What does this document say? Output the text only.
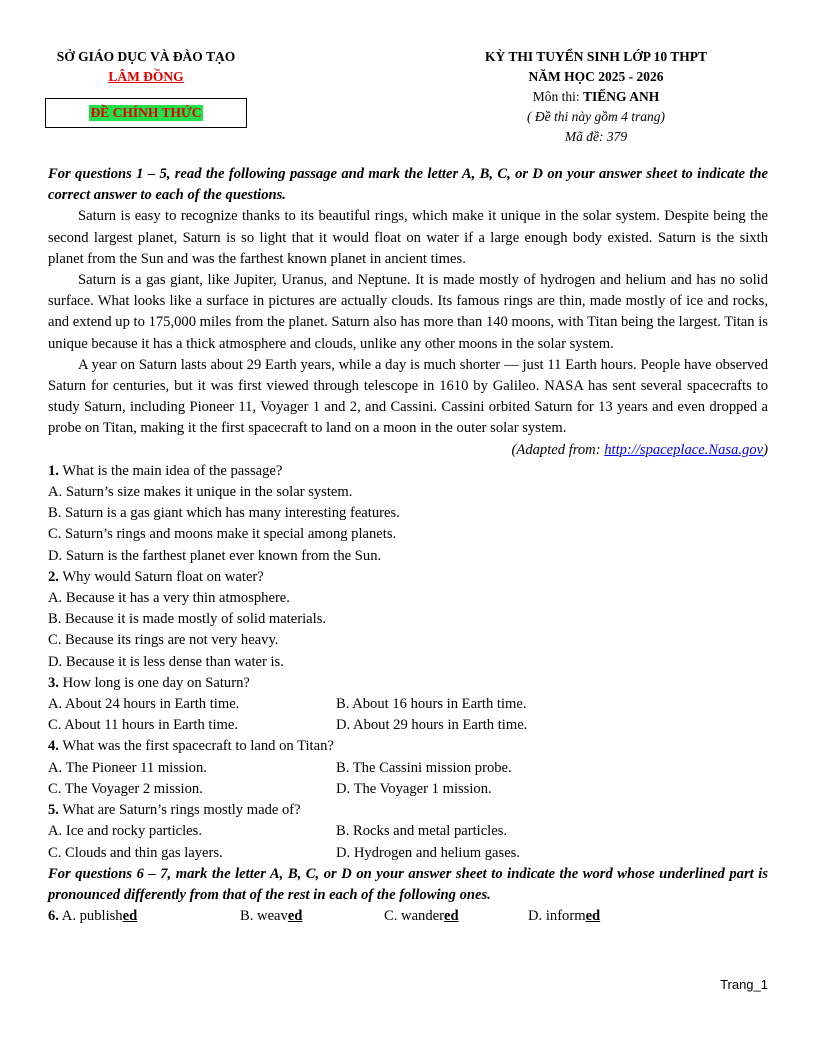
SỞ GIÁO DỤC VÀ ĐÀO TẠO
LÂM ĐỒNG
ĐỀ CHÍNH THỨC
KỲ THI TUYỂN SINH LỚP 10 THPT
NĂM HỌC 2025 - 2026
Môn thi: TIẾNG ANH
( Đề thi này gồm 4 trang)
Mã đề: 379
For questions 1 – 5, read the following passage and mark the letter A, B, C, or D on your answer sheet to indicate the correct answer to each of the questions.

Saturn is easy to recognize thanks to its beautiful rings, which make it unique in the solar system. Despite being the second largest planet, Saturn is so light that it would float on water if a large enough body existed. Saturn is the sixth planet from the Sun and was the farthest known planet in ancient times.

Saturn is a gas giant, like Jupiter, Uranus, and Neptune. It is made mostly of hydrogen and helium and has no solid surface. What looks like a surface in pictures are actually clouds. Its famous rings are thin, made mostly of ice and rocks, and extend up to 175,000 miles from the planet. Saturn also has more than 140 moons, with Titan being the largest. Titan is unique because it has a thick atmosphere and clouds, unlike any other moons in the solar system.

A year on Saturn lasts about 29 Earth years, while a day is much shorter — just 11 Earth hours. People have observed Saturn for centuries, but it was first viewed through telescope in 1610 by Galileo. NASA has sent several spacecrafts to study Saturn, including Pioneer 11, Voyager 1 and 2, and Cassini. Cassini orbited Saturn for 13 years and even dropped a probe on Titan, making it the first spacecraft to land on a moon in the outer solar system.

(Adapted from: http://spaceplace.Nasa.gov)
1. What is the main idea of the passage?
A. Saturn’s size makes it unique in the solar system.
B. Saturn is a gas giant which has many interesting features.
C. Saturn’s rings and moons make it special among planets.
D. Saturn is the farthest planet ever known from the Sun.
2. Why would Saturn float on water?
A. Because it has a very thin atmosphere.
B. Because it is made mostly of solid materials.
C. Because its rings are not very heavy.
D. Because it is less dense than water is.
3. How long is one day on Saturn?
A. About 24 hours in Earth time.	B. About 16 hours in Earth time.
C. About 11 hours in Earth time.	D. About 29 hours in Earth time.
4. What was the first spacecraft to land on Titan?
A. The Pioneer 11 mission.	B. The Cassini mission probe.
C. The Voyager 2 mission.	D. The Voyager 1 mission.
5. What are Saturn’s rings mostly made of?
A. Ice and rocky particles.	B. Rocks and metal particles.
C. Clouds and thin gas layers.	D. Hydrogen and helium gases.
For questions 6 – 7, mark the letter A, B, C, or D on your answer sheet to indicate the word whose underlined part is pronounced differently from that of the rest in each of the following ones.
6. A. published	B. weaved	C. wandered	D. informed
Trang_1
